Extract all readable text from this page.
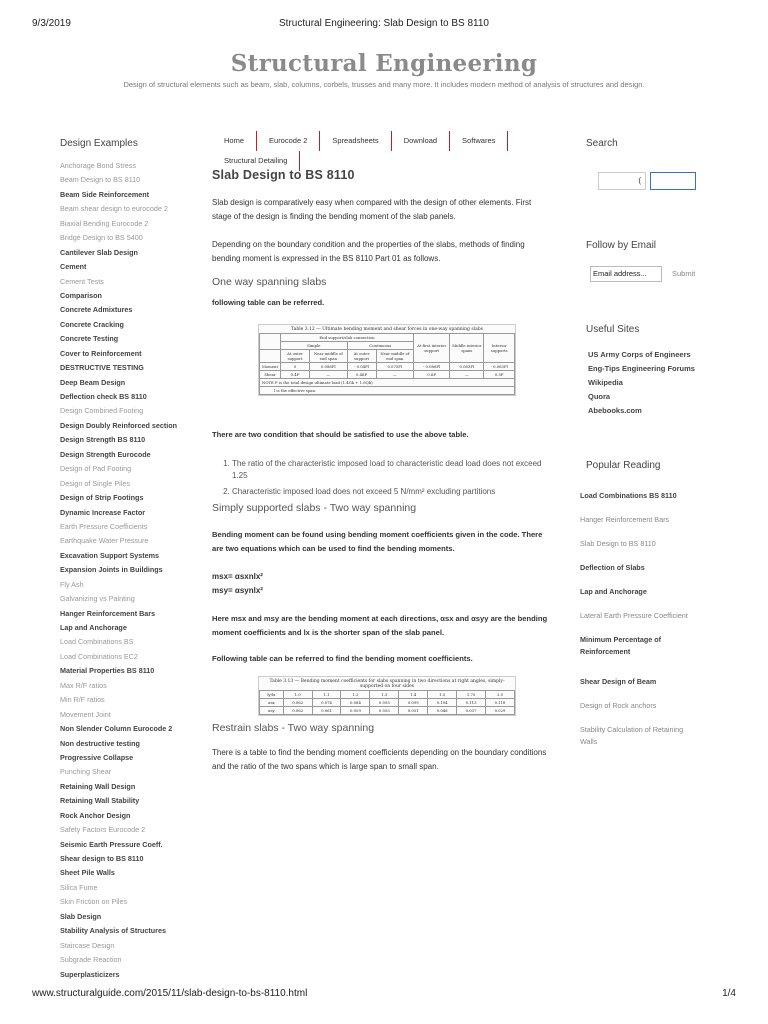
9/3/2019	Structural Engineering: Slab Design to BS 8110
Structural Engineering
Design of structural elements such as beam, slab, columns, corbels, trusses and many more. It includes modern method of analysis of structures and design.
Design Examples
Anchorage Bond Stress
Beam Design to BS 8110
Beam Side Reinforcement
Beam shear design to eurocode 2
Biaxial Bending Eurocode 2
Bridge Design to BS 5400
Cantilever Slab Design
Cement
Cement Tests
Comparison
Concrete Admixtures
Concrete Cracking
Concrete Testing
Cover to Reinforcement
DESTRUCTIVE TESTING
Deep Beam Design
Deflection check BS 8110
Design Combined Footing
Design Doubly Reinforced section
Design Strength BS 8110
Design Strength Eurocode
Design of Pad Footing
Design of Single Piles
Design of Strip Footings
Dynamic Increase Factor
Earth Pressure Coefficients
Earthquake Water Pressure
Excavation Support Systems
Expansion Joints in Buildings
Fly Ash
Galvanizing vs Painting
Hanger Reinforcement Bars
Lap and Anchorage
Load Combinations BS
Load Combinations EC2
Material Properties BS 8110
Max R/F ratios
Min R/F ratios
Movement Joint
Non Slender Column Eurocode 2
Non destructive testing
Progressive Collapse
Punching Shear
Retaining Wall Design
Retaining Wall Stability
Rock Anchor Design
Safety Factors Eurocode 2
Seismic Earth Pressure Coeff.
Shear design to BS 8110
Sheet Pile Walls
Silica Fume
Skin Friction on Piles
Slab Design
Stability Analysis of Structures
Staircase Design
Subgrade Reaction
Superplasticizers
Home	Eurocode 2	Spreadsheets	Download	Softwares
Structural Detailing
Slab Design to BS 8110

Slab design is comparatively easy when compared with the design of other elements. First stage of the design is finding the bending moment of the slab panels.

Depending on the boundary condition and the properties of the slabs, methods of finding bending moment is expressed in the BS 8110 Part 01 as follows.

One way spanning slabs

following table can be referred.

Table 3.12 — Ultimate bending moment and shear forces in one-way spanning slabs
	End support/slab connection				At first interior support	Middle interior spans	Interior supports
	Simple		Continuous				
	At outer support	Near middle of end span	At outer support	Near middle of end span			
Moment	0	0.086Fl	- 0.04Fl	0.075Fl	- 0.086Fl	0.063Fl	- 0.063Fl
Shear	0.4F	—	0.46F	—	0.6F	—	0.5F
NOTE F is the total design ultimate load (1.4Gk + 1.6Qk)							
l is the effective span.							

There are two condition that should be satisfied to use the above table.

1. The ratio of the characteristic imposed load to characteristic dead load does not exceed 1.25
2. Characteristic imposed load does not exceed 5 N/mm² excluding partitions
Simply supported slabs - Two way spanning

Bending moment can be found using bending moment coefficients given in the code. There are two equations which can be used to find the bending moments.

msx= αsxnlx²

msy= αsynlx²

Here msx and msy are the bending moment at each directions, αsx and αsyy are the bending moment coefficients and lx is the shorter span of the slab panel.

Following table can be referred to find the bending moment coefficients.

Table 3.13 — Bending moment coefficients for slabs spanning in two directions at right angles, simply-supported on four sides
ly/lx	1.0	1.1	1.2	1.3	1.4	1.5	1.75	2.0
αsx	0.062	0.074	0.084	0.093	0.099	0.104	0.113	0.118
αsy	0.062	0.061	0.059	0.055	0.051	0.046	0.037	0.029
Restrain slabs - Two way spanning

There is a table to find the bending moment coefficients depending on the boundary conditions and the ratio of the two spans which is large span to small span.

Search
(
Follow by Email
Email address...	Submit
Useful Sites
US Army Corps of Engineers
Eng-Tips Engineering Forums
Wikipedia
Quora
Abebooks.com
Popular Reading
Load Combinations BS 8110
Hanger Reinforcement Bars
Slab Design to BS 8110
Deflection of Slabs
Lap and Anchorage
Lateral Earth Pressure Coefficient
Minimum Percentage of Reinforcement
Shear Design of Beam
Design of Rock anchors
Stability Calculation of Retaining Walls
www.structuralguide.com/2015/11/slab-design-to-bs-8110.html	1/4
